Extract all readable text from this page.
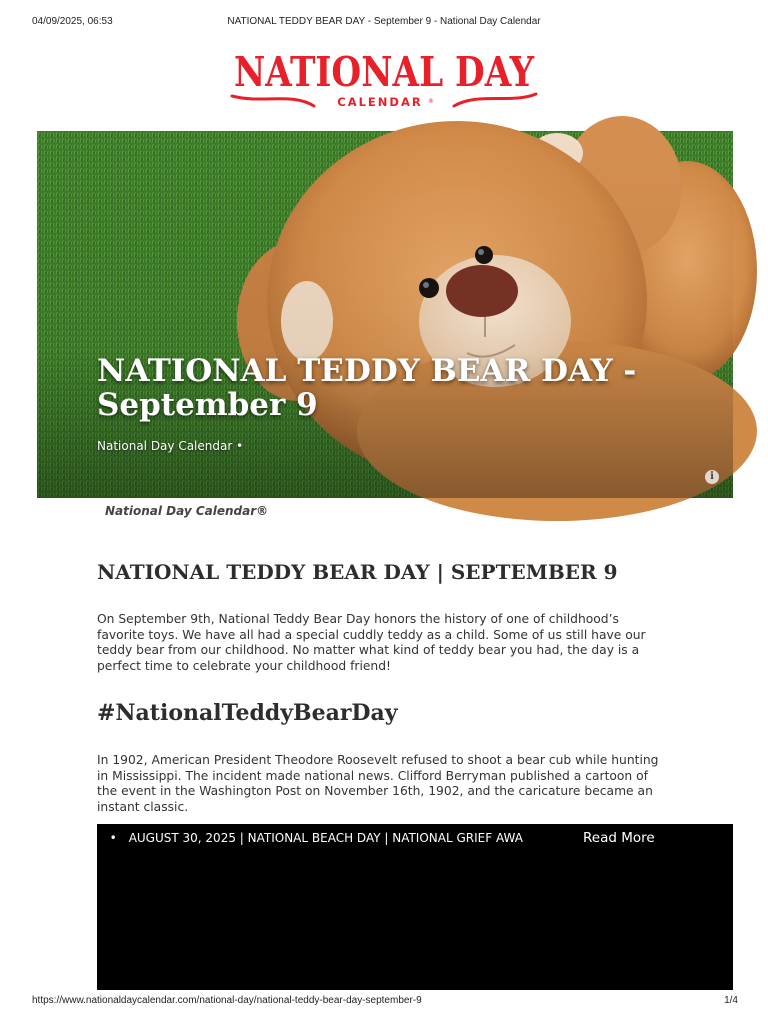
04/09/2025, 06:53	NATIONAL TEDDY BEAR DAY - September 9 - National Day Calendar
NATIONAL DAY
CALENDAR ®
NATIONAL TEDDY BEAR DAY - September 9
National Day Calendar •
i
National Day Calendar®
NATIONAL TEDDY BEAR DAY | SEPTEMBER 9

On September 9th, National Teddy Bear Day honors the history of one of childhood’s favorite toys. We have all had a special cuddly teddy as a child. Some of us still have our teddy bear from our childhood. No matter what kind of teddy bear you had, the day is a perfect time to celebrate your childhood friend!

#NationalTeddyBearDay

In 1902, American President Theodore Roosevelt refused to shoot a bear cub while hunting in Mississippi. The incident made national news. Clifford Berryman published a cartoon of the event in the Washington Post on November 16th, 1902, and the caricature became an instant classic.

AY • AUGUST 30, 2025 | NATIONAL BEACH DAY | NATIONAL GRIEF AWA	Read More
https://www.nationaldaycalendar.com/national-day/national-teddy-bear-day-september-9	1/4
